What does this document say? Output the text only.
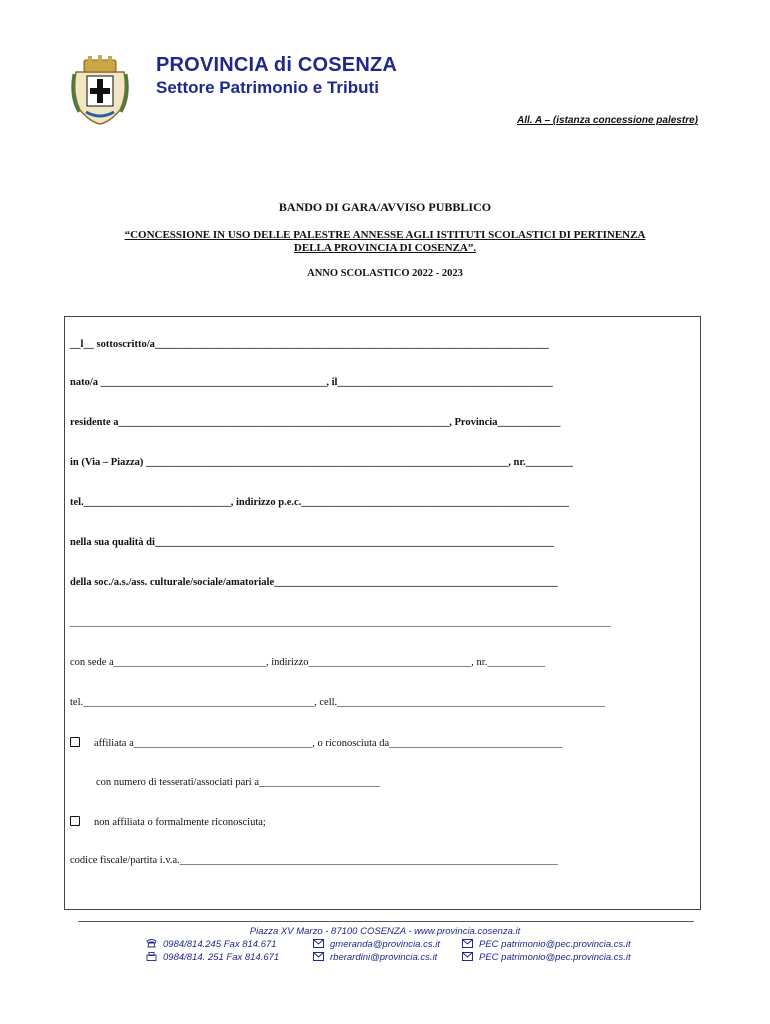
PROVINCIA di COSENZA
Settore Patrimonio e Tributi
All. A – (istanza concessione palestre)
BANDO DI GARA/AVVISO PUBBLICO
“CONCESSIONE IN USO DELLE PALESTRE ANNESSE AGLI ISTITUTI SCOLASTICI DI PERTINENZA
DELLA PROVINCIA DI COSENZA”.
ANNO SCOLASTICO 2022 - 2023
__l__ sottoscritto/a___________________________________________________________________________
nato/a ___________________________________________, il_________________________________________
residente a_______________________________________________________________, Provincia____________
in (Via – Piazza) _____________________________________________________________________, nr._________
tel.____________________________, indirizzo p.e.c.___________________________________________________
nella sua qualità di____________________________________________________________________________
della soc./a.s./ass. culturale/sociale/amatoriale______________________________________________________
_______________________________________________________________________________________________________
con sede a_____________________________, indirizzo_______________________________, nr.___________
tel.____________________________________________, cell.___________________________________________________
affiliata a__________________________________, o riconosciuta da_________________________________
con numero di tesserati/associati pari a_______________________
non affiliata o formalmente riconosciuta;
codice fiscale/partita i.v.a.________________________________________________________________________
Piazza XV Marzo - 87100 COSENZA - www.provincia.cosenza.it
0984/814.245 Fax 814.671	gmeranda@provincia.cs.it	PEC patrimonio@pec.provincia.cs.it
0984/814. 251 Fax 814.671	rberardini@provincia.cs.it	PEC patrimonio@pec.provincia.cs.it
